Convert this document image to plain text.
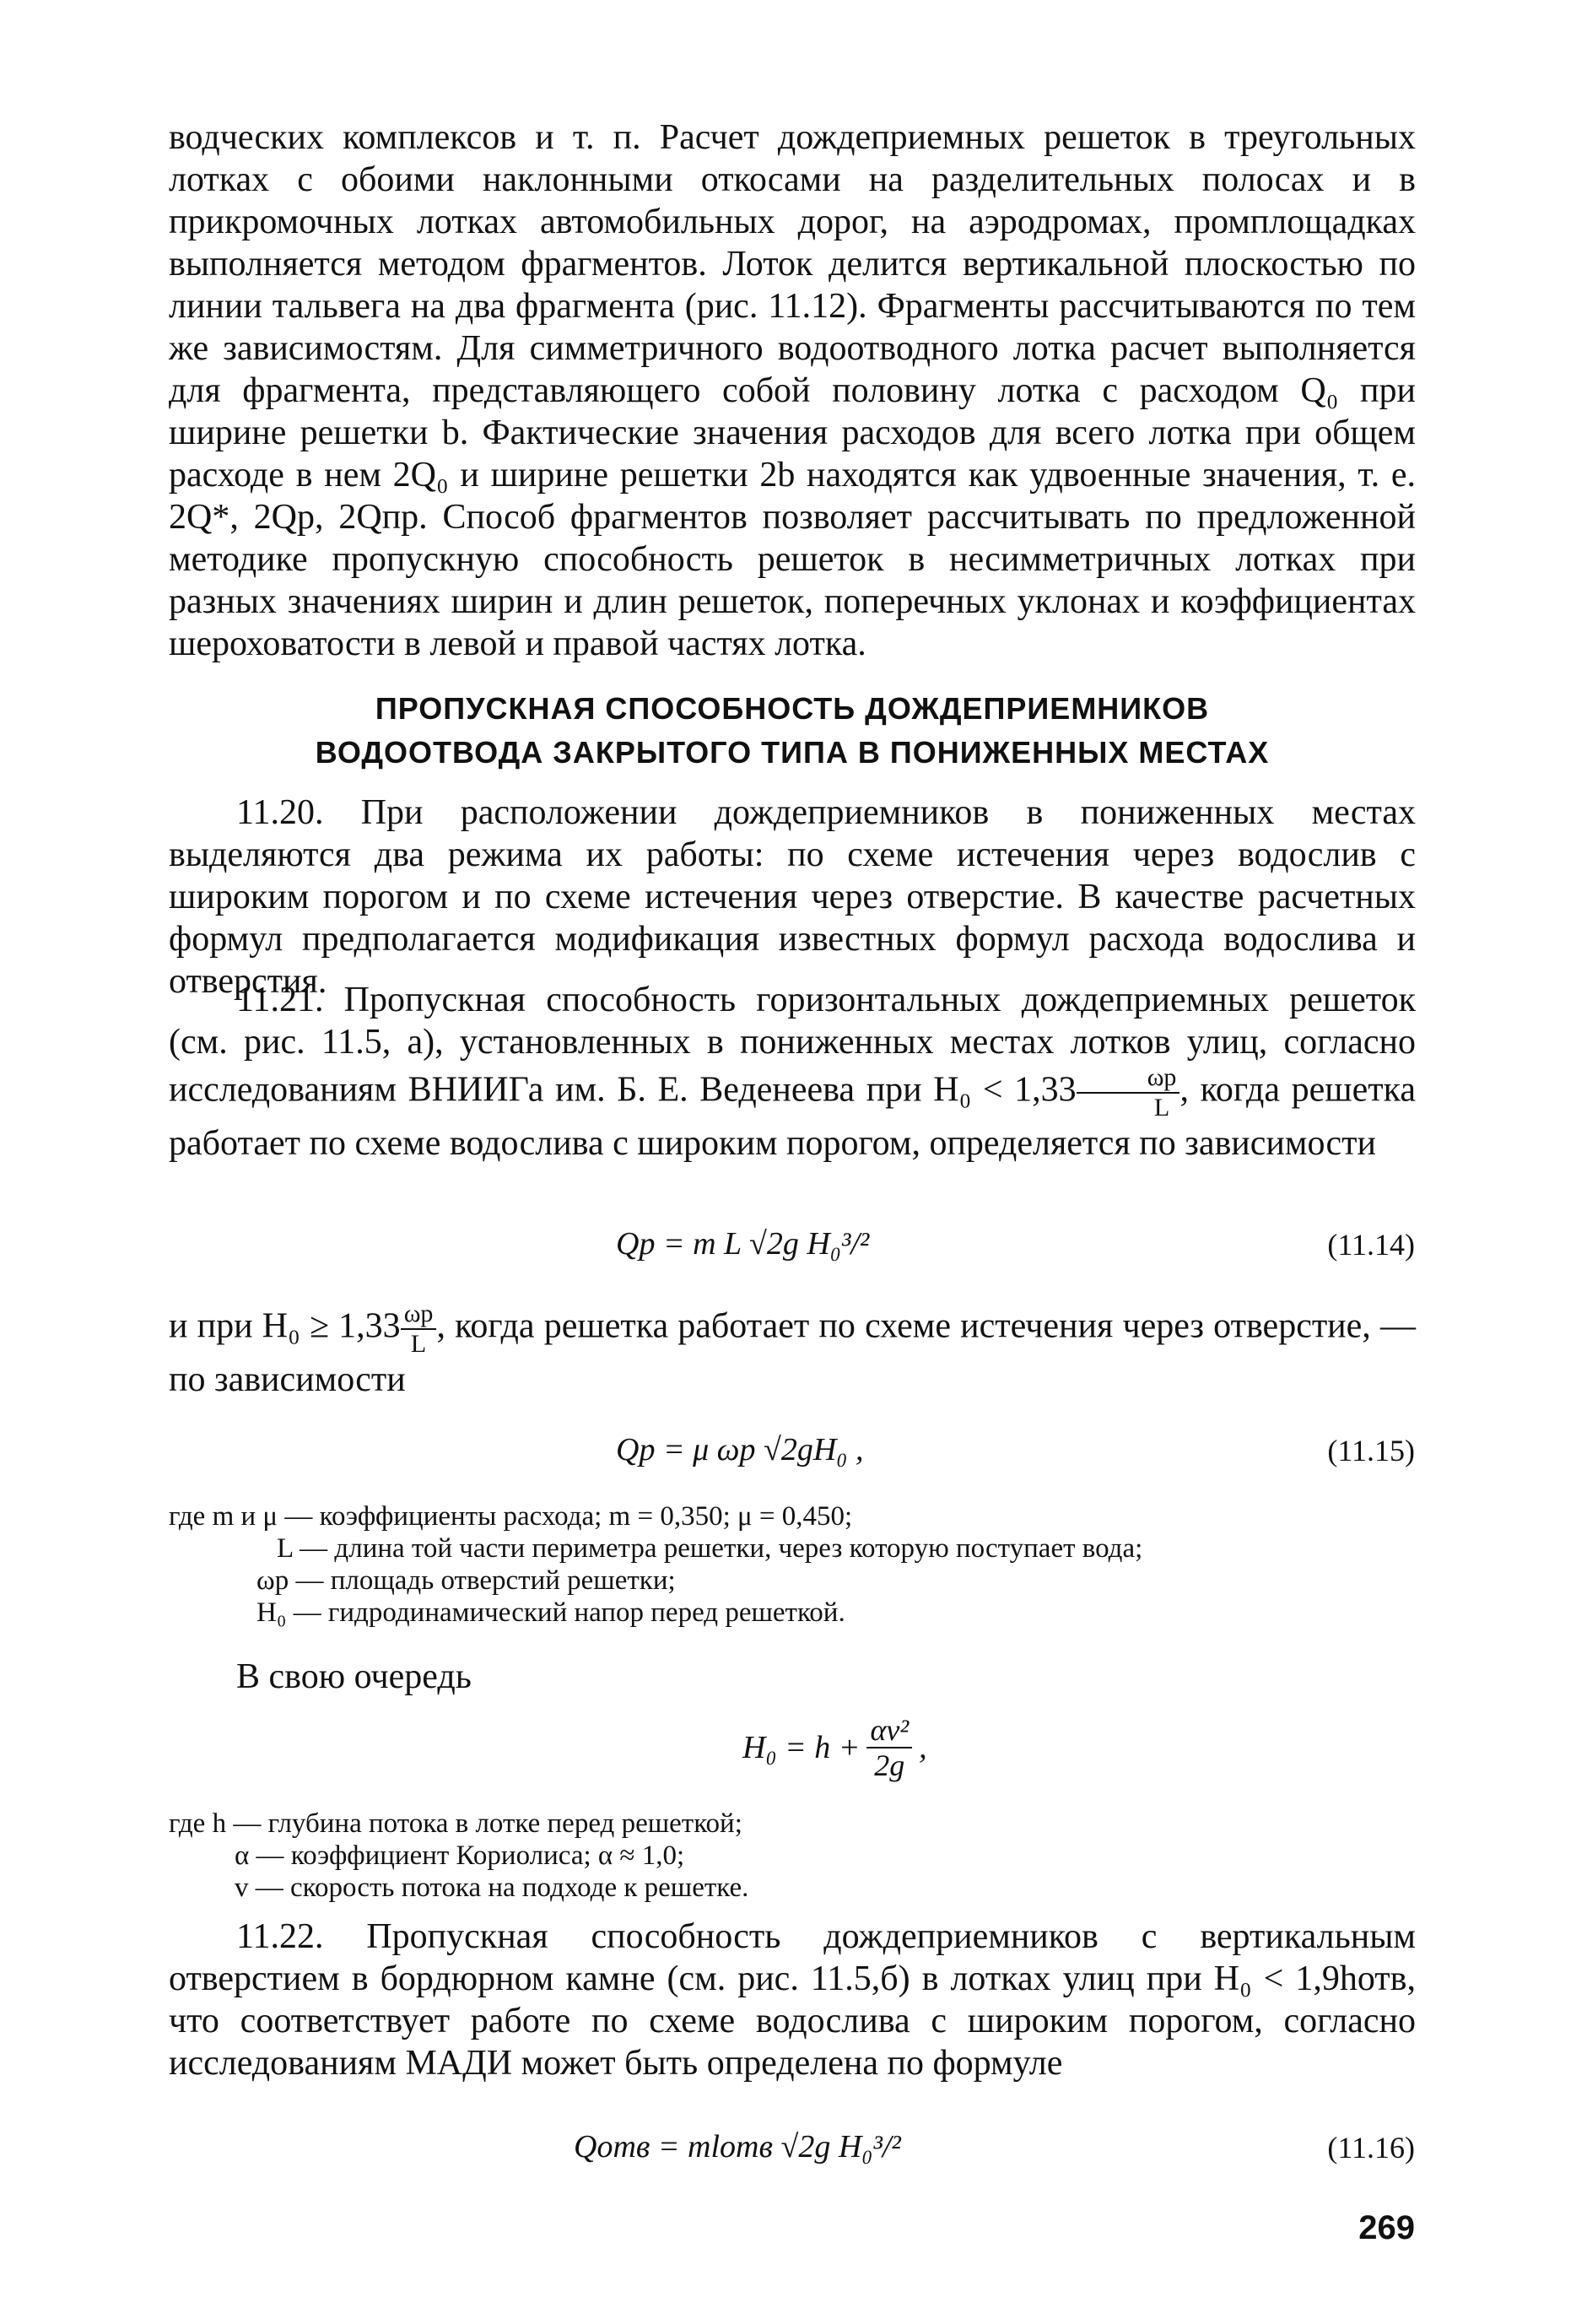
водческих комплексов и т. п. Расчет дождеприемных решеток в треугольных лотках с обоими наклонными откосами на разделительных полосах и в прикромочных лотках автомобильных дорог, на аэродромах, промплощадках выполняется методом фрагментов. Лоток делится вертикальной плоскостью по линии тальвега на два фрагмента (рис. 11.12). Фрагменты рассчитываются по тем же зависимостям. Для симметричного водоотводного лотка расчет выполняется для фрагмента, представляющего собой половину лотка с расходом Q₀ при ширине решетки b. Фактические значения расходов для всего лотка при общем расходе в нем 2Q₀ и ширине решетки 2b находятся как удвоенные значения, т. е. 2Q*, 2Qр, 2Qпр. Способ фрагментов позволяет рассчитывать по предложенной методике пропускную способность решеток в несимметричных лотках при разных значениях ширин и длин решеток, поперечных уклонах и коэффициентах шероховатости в левой и правой частях лотка.

ПРОПУСКНАЯ СПОСОБНОСТЬ ДОЖДЕПРИЕМНИКОВ
ВОДООТВОДА ЗАКРЫТОГО ТИПА В ПОНИЖЕННЫХ МЕСТАХ

11.20. При расположении дождеприемников в пониженных местах выделяются два режима их работы: по схеме истечения через водослив с широким порогом и по схеме истечения через отверстие. В качестве расчетных формул предполагается модификация известных формул расхода водослива и отверстия.

11.21. Пропускная способность горизонтальных дождеприемных решеток (см. рис. 11.5, а), установленных в пониженных местах лотков улиц, согласно исследованиям ВНИИГа им. Б. Е. Веденеева при $H_0 < 1,33 \frac{\omega р}{L}$ , когда решетка работает по схеме водослива с широким порогом, определяется по зависимости

Qр = m L √2g H₀³/²	(11.14)

и при $H_0 \ge 1,33 \frac{\omega р}{L}$ , когда решетка работает по схеме истечения через отверстие, — по зависимости

Qр = μ ωр √2gH₀ ,	(11.15)
где m и μ — коэффициенты расхода; m = 0,350; μ = 0,450;
L — длина той части периметра решетки, через которую поступает вода;
ωр — площадь отверстий решетки;
H₀ — гидродинамический напор перед решеткой.

В свою очередь

$H_0 = h + \frac{\text{αv²}}{2g}$ ,
где h — глубина потока в лотке перед решеткой;
α — коэффициент Кориолиса; α ≈ 1,0;
v — скорость потока на подходе к решетке.

11.22. Пропускная способность дождеприемников с вертикальным отверстием в бордюрном камне (см. рис. 11.5,б) в лотках улиц при H₀ < 1,9hотв, что соответствует работе по схеме водослива с широким порогом, согласно исследованиям МАДИ может быть определена по формуле

Qотв = mlотв √2g H₀³/²	(11.16)
269
